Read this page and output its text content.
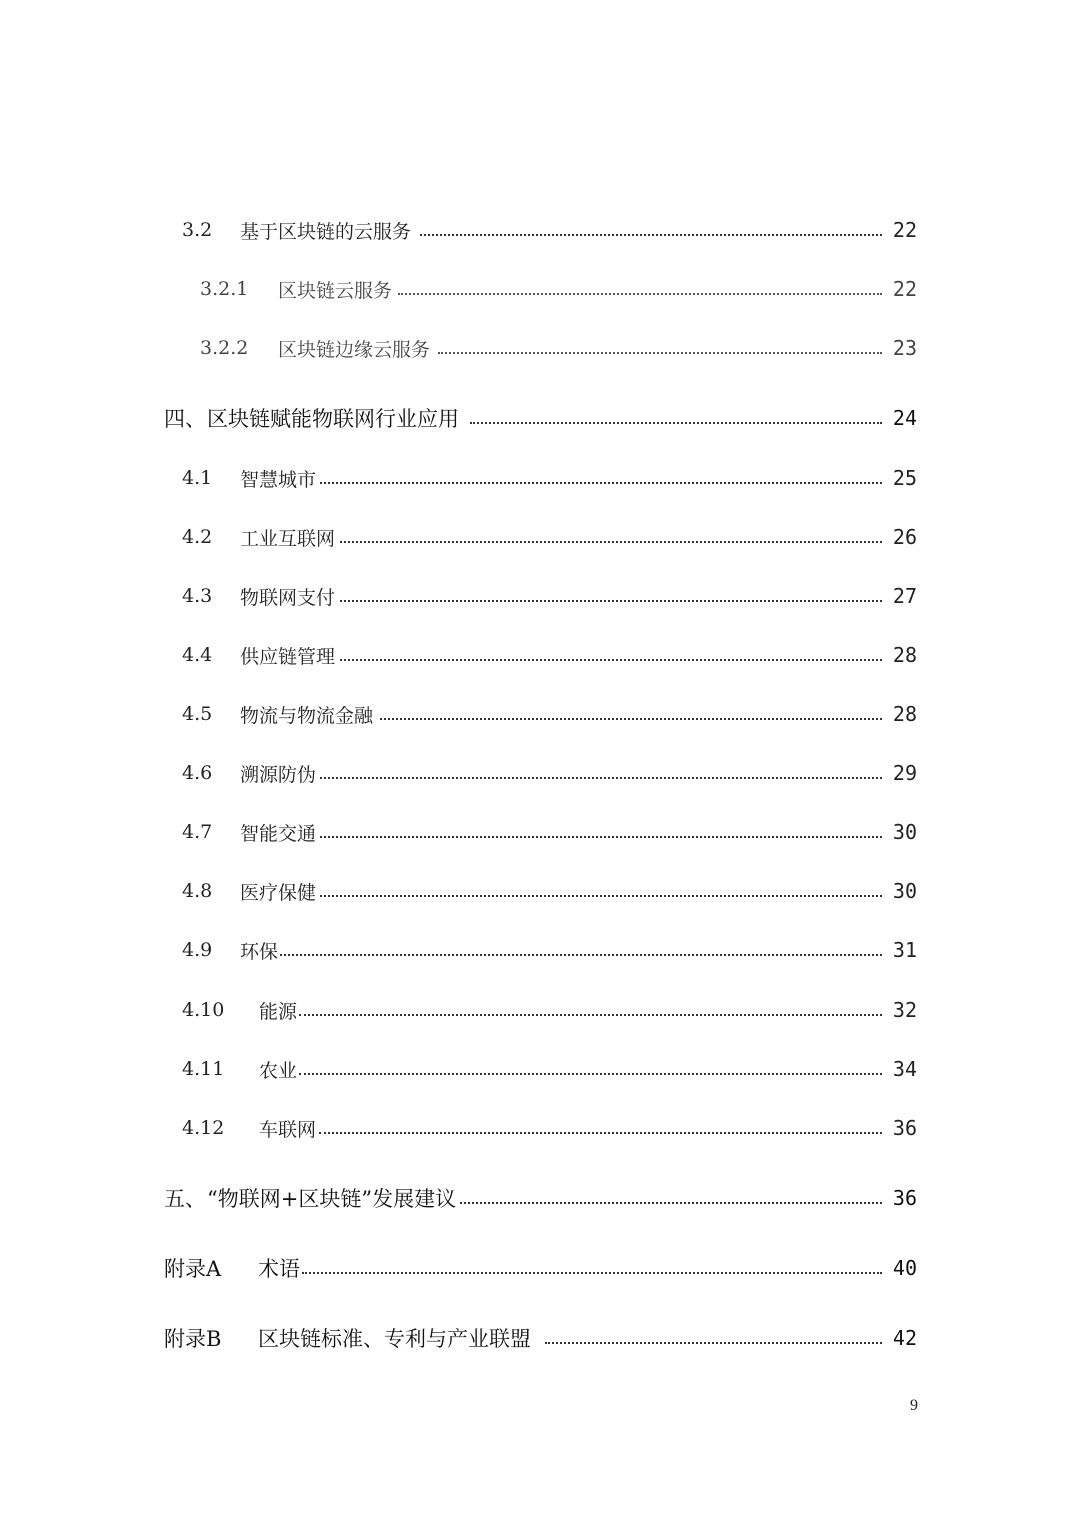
3.2 基于区块链的云服务	22
3.2.1 区块链云服务	22
3.2.2 区块链边缘云服务	23
四、 区块链赋能物联网行业应用	24
4.1 智慧城市	25
4.2 工业互联网	26
4.3 物联网支付	27
4.4 供应链管理	28
4.5 物流与物流金融	28
4.6 溯源防伪	29
4.7 智能交通	30
4.8 医疗保健	30
4.9 环保	31
4.10 能源	32
4.11 农业	34
4.12 车联网	36
五、 “物联网+区块链”发展建议	36
附录A 术语	40
附录B 区块链标准、专利与产业联盟	42
9
